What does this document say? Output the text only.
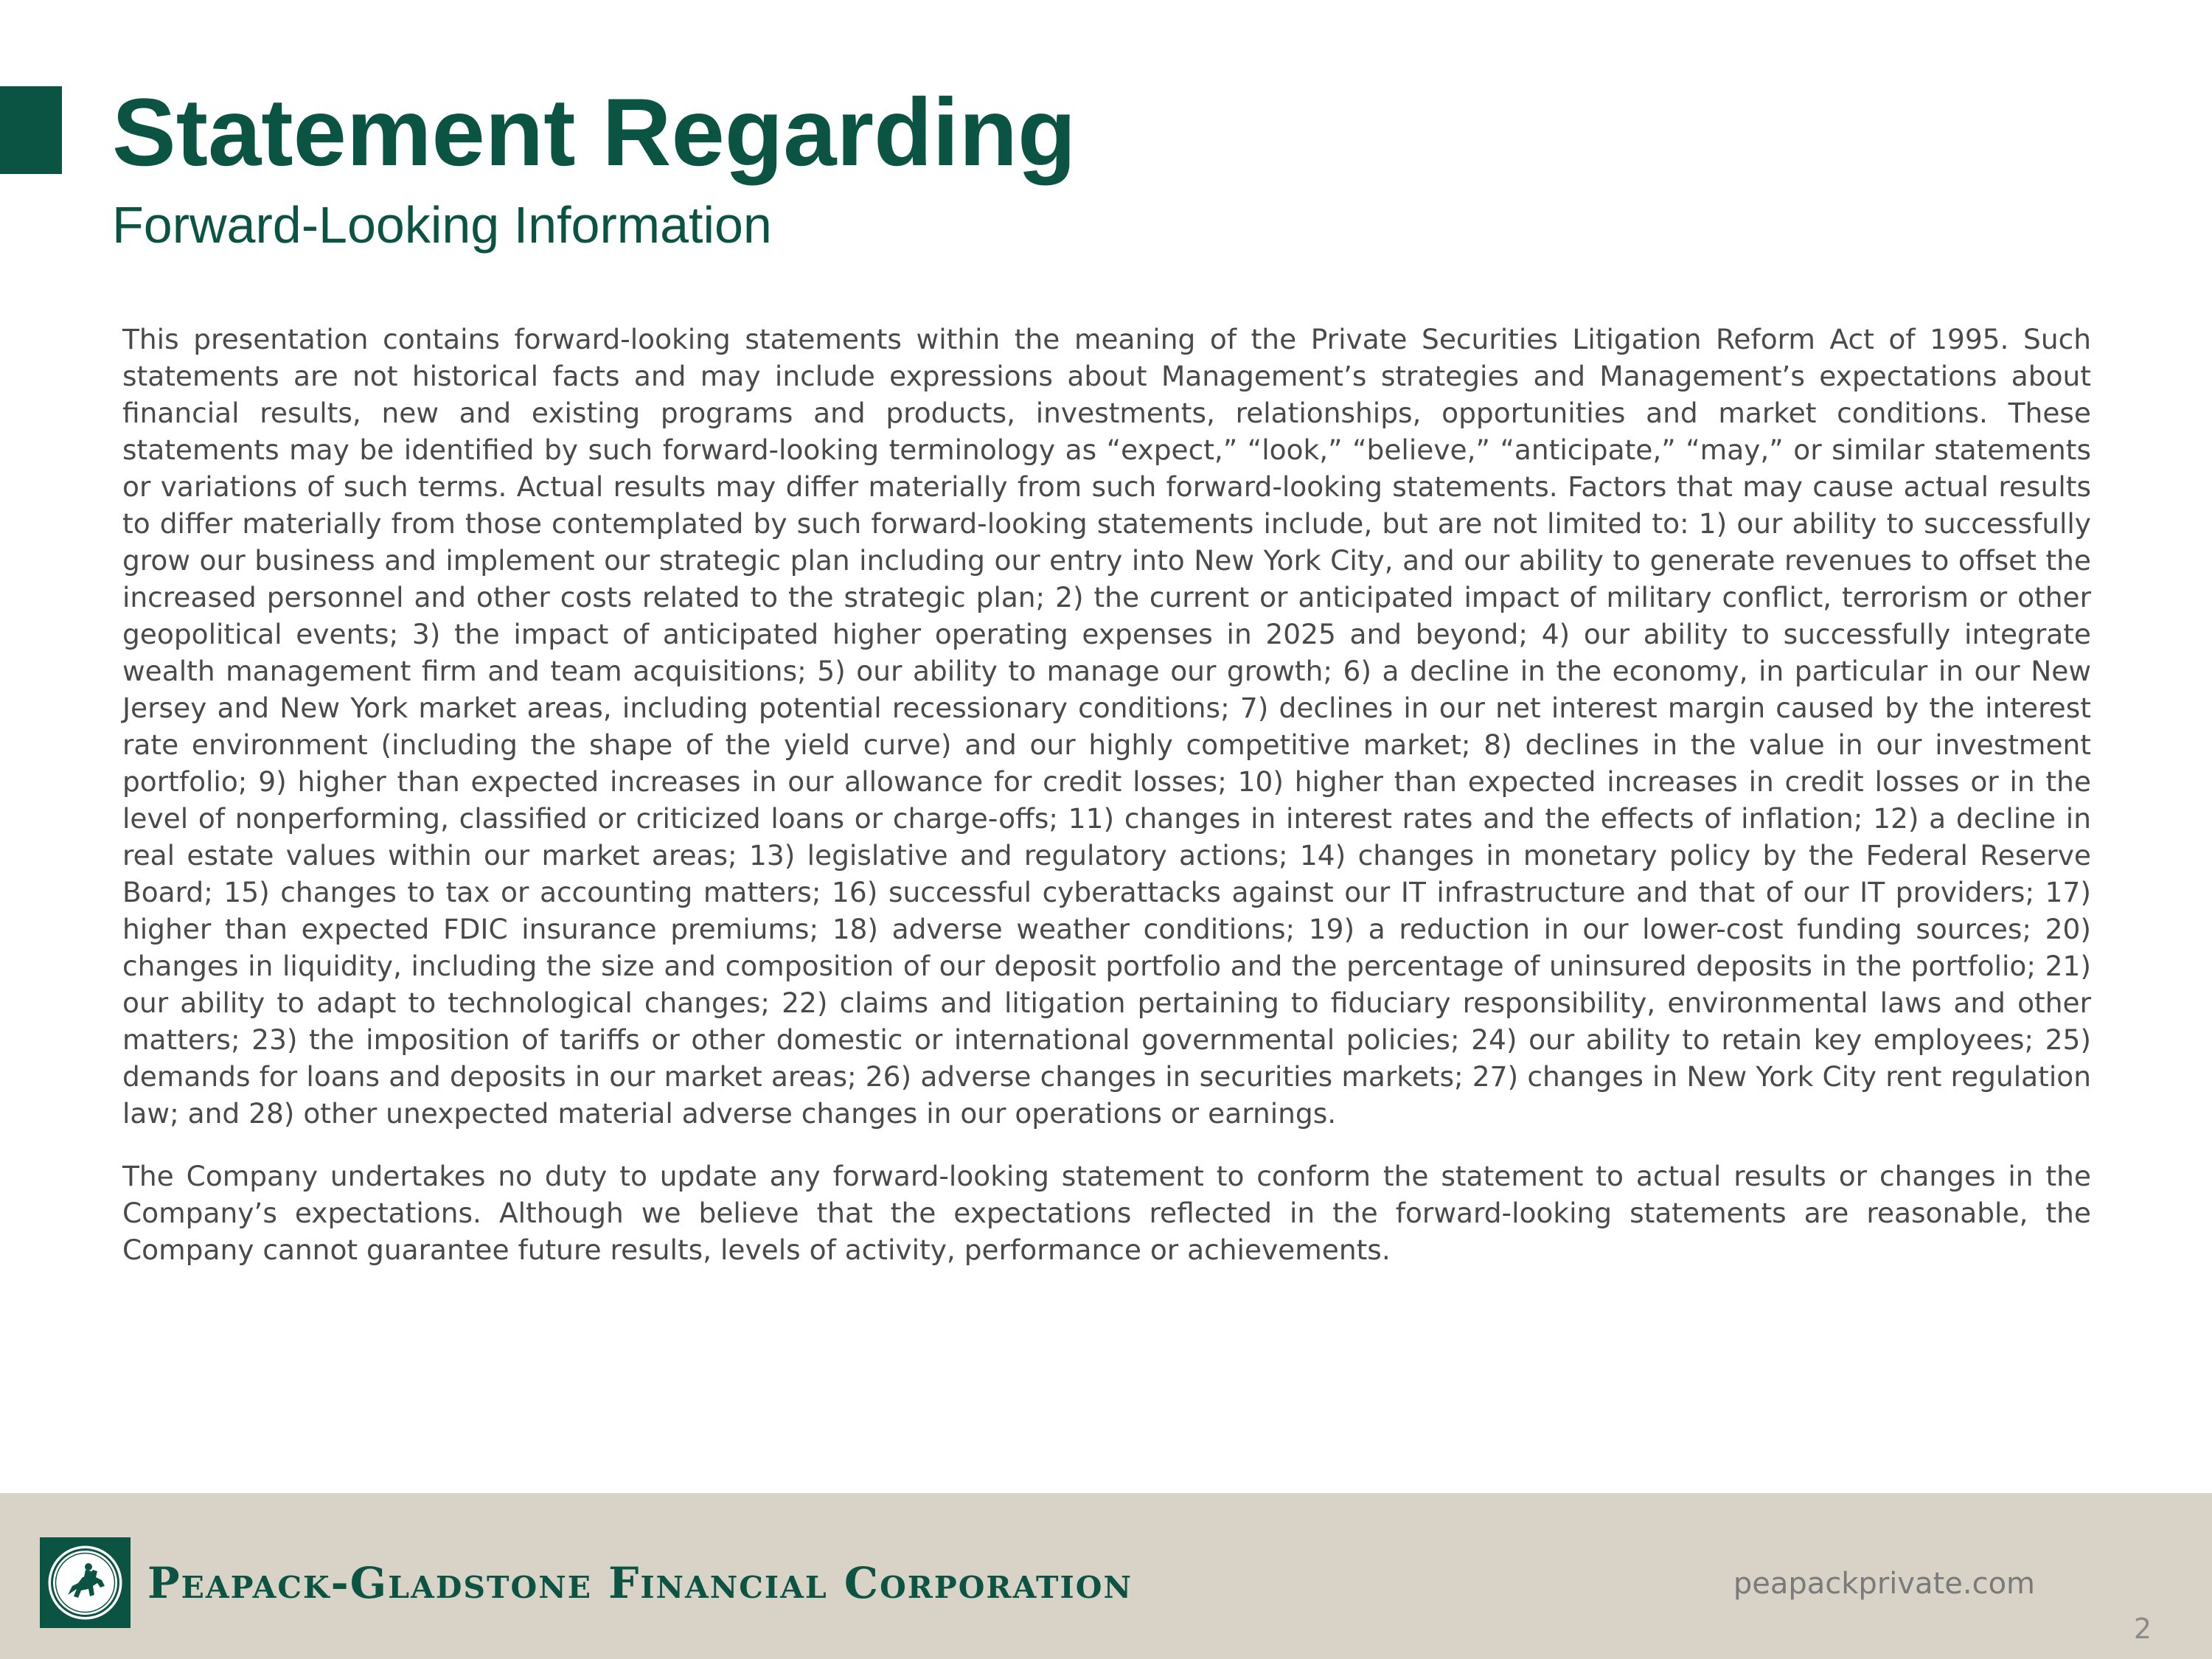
Statement Regarding
Forward-Looking Information

This presentation contains forward-looking statements within the meaning of the Private Securities Litigation Reform Act of 1995. Such statements are not historical facts and may include expressions about Management’s strategies and Management’s expectations about financial results, new and existing programs and products, investments, relationships, opportunities and market conditions. These statements may be identified by such forward-looking terminology as “expect,” “look,” “believe,” “anticipate,” “may,” or similar statements or variations of such terms. Actual results may differ materially from such forward-looking statements. Factors that may cause actual results to differ materially from those contemplated by such forward-looking statements include, but are not limited to: 1) our ability to successfully grow our business and implement our strategic plan including our entry into New York City, and our ability to generate revenues to offset the increased personnel and other costs related to the strategic plan; 2) the current or anticipated impact of military conflict, terrorism or other geopolitical events; 3) the impact of anticipated higher operating expenses in 2025 and beyond; 4) our ability to successfully integrate wealth management firm and team acquisitions; 5) our ability to manage our growth; 6) a decline in the economy, in particular in our New Jersey and New York market areas, including potential recessionary conditions; 7) declines in our net interest margin caused by the interest rate environment (including the shape of the yield curve) and our highly competitive market; 8) declines in the value in our investment portfolio; 9) higher than expected increases in our allowance for credit losses; 10) higher than expected increases in credit losses or in the level of nonperforming, classified or criticized loans or charge-offs; 11) changes in interest rates and the effects of inflation; 12) a decline in real estate values within our market areas; 13) legislative and regulatory actions; 14) changes in monetary policy by the Federal Reserve Board; 15) changes to tax or accounting matters; 16) successful cyberattacks against our IT infrastructure and that of our IT providers; 17) higher than expected FDIC insurance premiums; 18) adverse weather conditions; 19) a reduction in our lower-cost funding sources; 20) changes in liquidity, including the size and composition of our deposit portfolio and the percentage of uninsured deposits in the portfolio; 21) our ability to adapt to technological changes; 22) claims and litigation pertaining to fiduciary responsibility, environmental laws and other matters; 23) the imposition of tariffs or other domestic or international governmental policies; 24) our ability to retain key employees; 25) demands for loans and deposits in our market areas; 26) adverse changes in securities markets; 27) changes in New York City rent regulation law; and 28) other unexpected material adverse changes in our operations or earnings.

The Company undertakes no duty to update any forward-looking statement to conform the statement to actual results or changes in the Company’s expectations. Although we believe that the expectations reflected in the forward-looking statements are reasonable, the Company cannot guarantee future results, levels of activity, performance or achievements.

Peapack-Gladstone Financial Corporation	peapackprivate.com
2
